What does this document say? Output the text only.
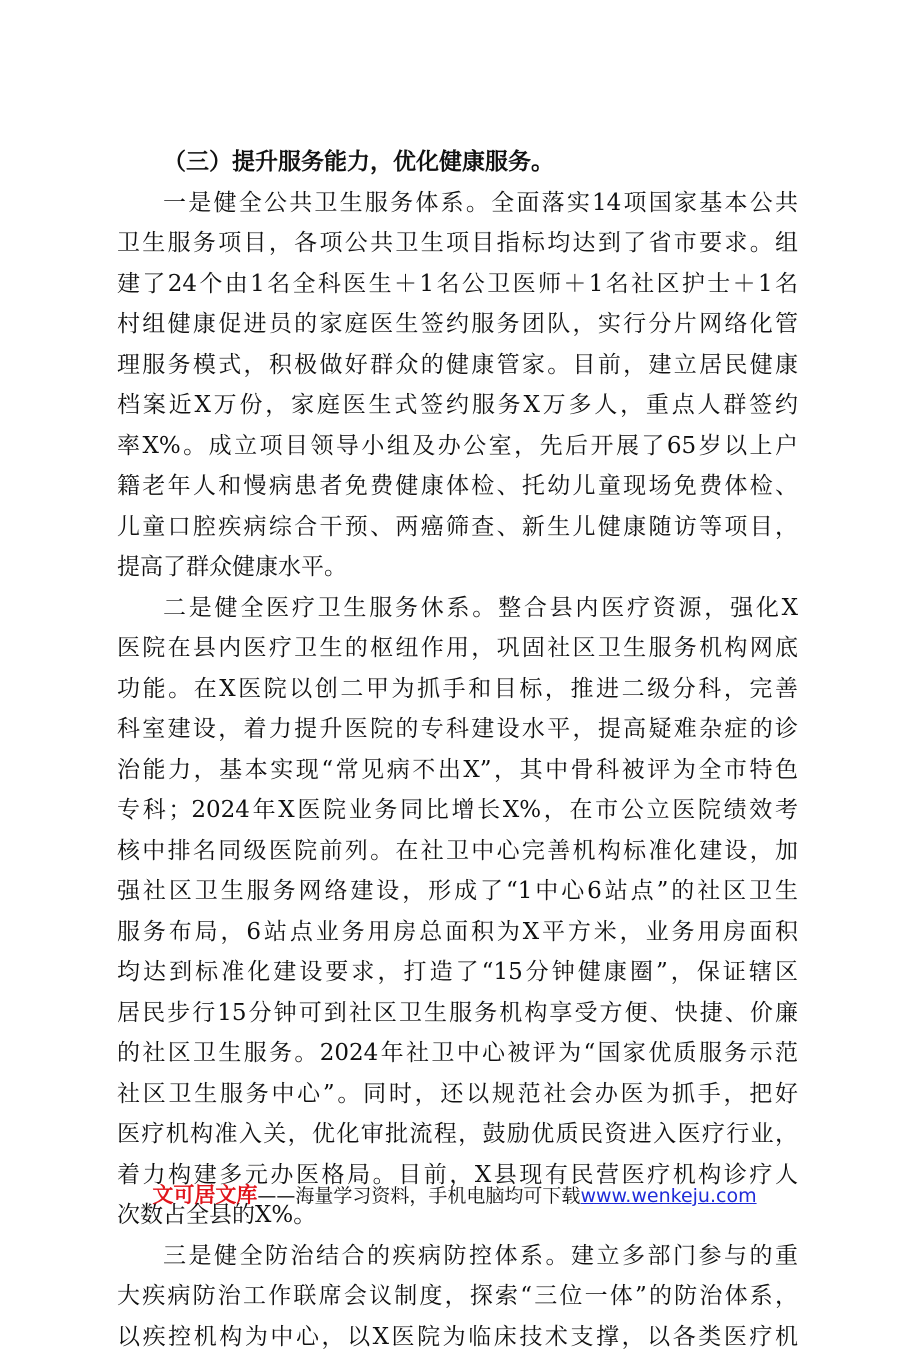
（三）提升服务能力，优化健康服务。
一是健全公共卫生服务体系。全面落实14项国家基本公共
卫生服务项目，各项公共卫生项目指标均达到了省市要求。组
建了24个由1名全科医生＋1名公卫医师＋1名社区护士＋1名
村组健康促进员的家庭医生签约服务团队，实行分片网络化管
理服务模式，积极做好群众的健康管家。目前，建立居民健康
档案近X万份，家庭医生式签约服务X万多人，重点人群签约
率X%。成立项目领导小组及办公室，先后开展了65岁以上户
籍老年人和慢病患者免费健康体检、托幼儿童现场免费体检、
儿童口腔疾病综合干预、两癌筛查、新生儿健康随访等项目，
提高了群众健康水平。
二是健全医疗卫生服务休系。整合县内医疗资源，强化X
医院在县内医疗卫生的枢纽作用，巩固社区卫生服务机构网底
功能。在X医院以创二甲为抓手和目标，推进二级分科，完善
科室建设，着力提升医院的专科建设水平，提高疑难杂症的诊
治能力，基本实现“常见病不出X”，其中骨科被评为全市特色
专科；2024年X医院业务同比增长X%，在市公立医院绩效考
核中排名同级医院前列。在社卫中心完善机构标准化建设，加
强社区卫生服务网络建设，形成了“1中心6站点”的社区卫生
服务布局，6站点业务用房总面积为X平方米，业务用房面积
均达到标准化建设要求，打造了“15分钟健康圈”，保证辖区
居民步行15分钟可到社区卫生服务机构享受方便、快捷、价廉
的社区卫生服务。2024年社卫中心被评为“国家优质服务示范
社区卫生服务中心”。同时，还以规范社会办医为抓手，把好
医疗机构准入关，优化审批流程，鼓励优质民资进入医疗行业，
着力构建多元办医格局。目前，X县现有民营医疗机构诊疗人
次数占全县的X%。
三是健全防治结合的疾病防控体系。建立多部门参与的重
大疾病防治工作联席会议制度，探索“三位一体”的防治体系，
以疾控机构为中心，以X医院为临床技术支撑，以各类医疗机
文可居文库——海量学习资料，手机电脑均可下载www.wenkeju.com
